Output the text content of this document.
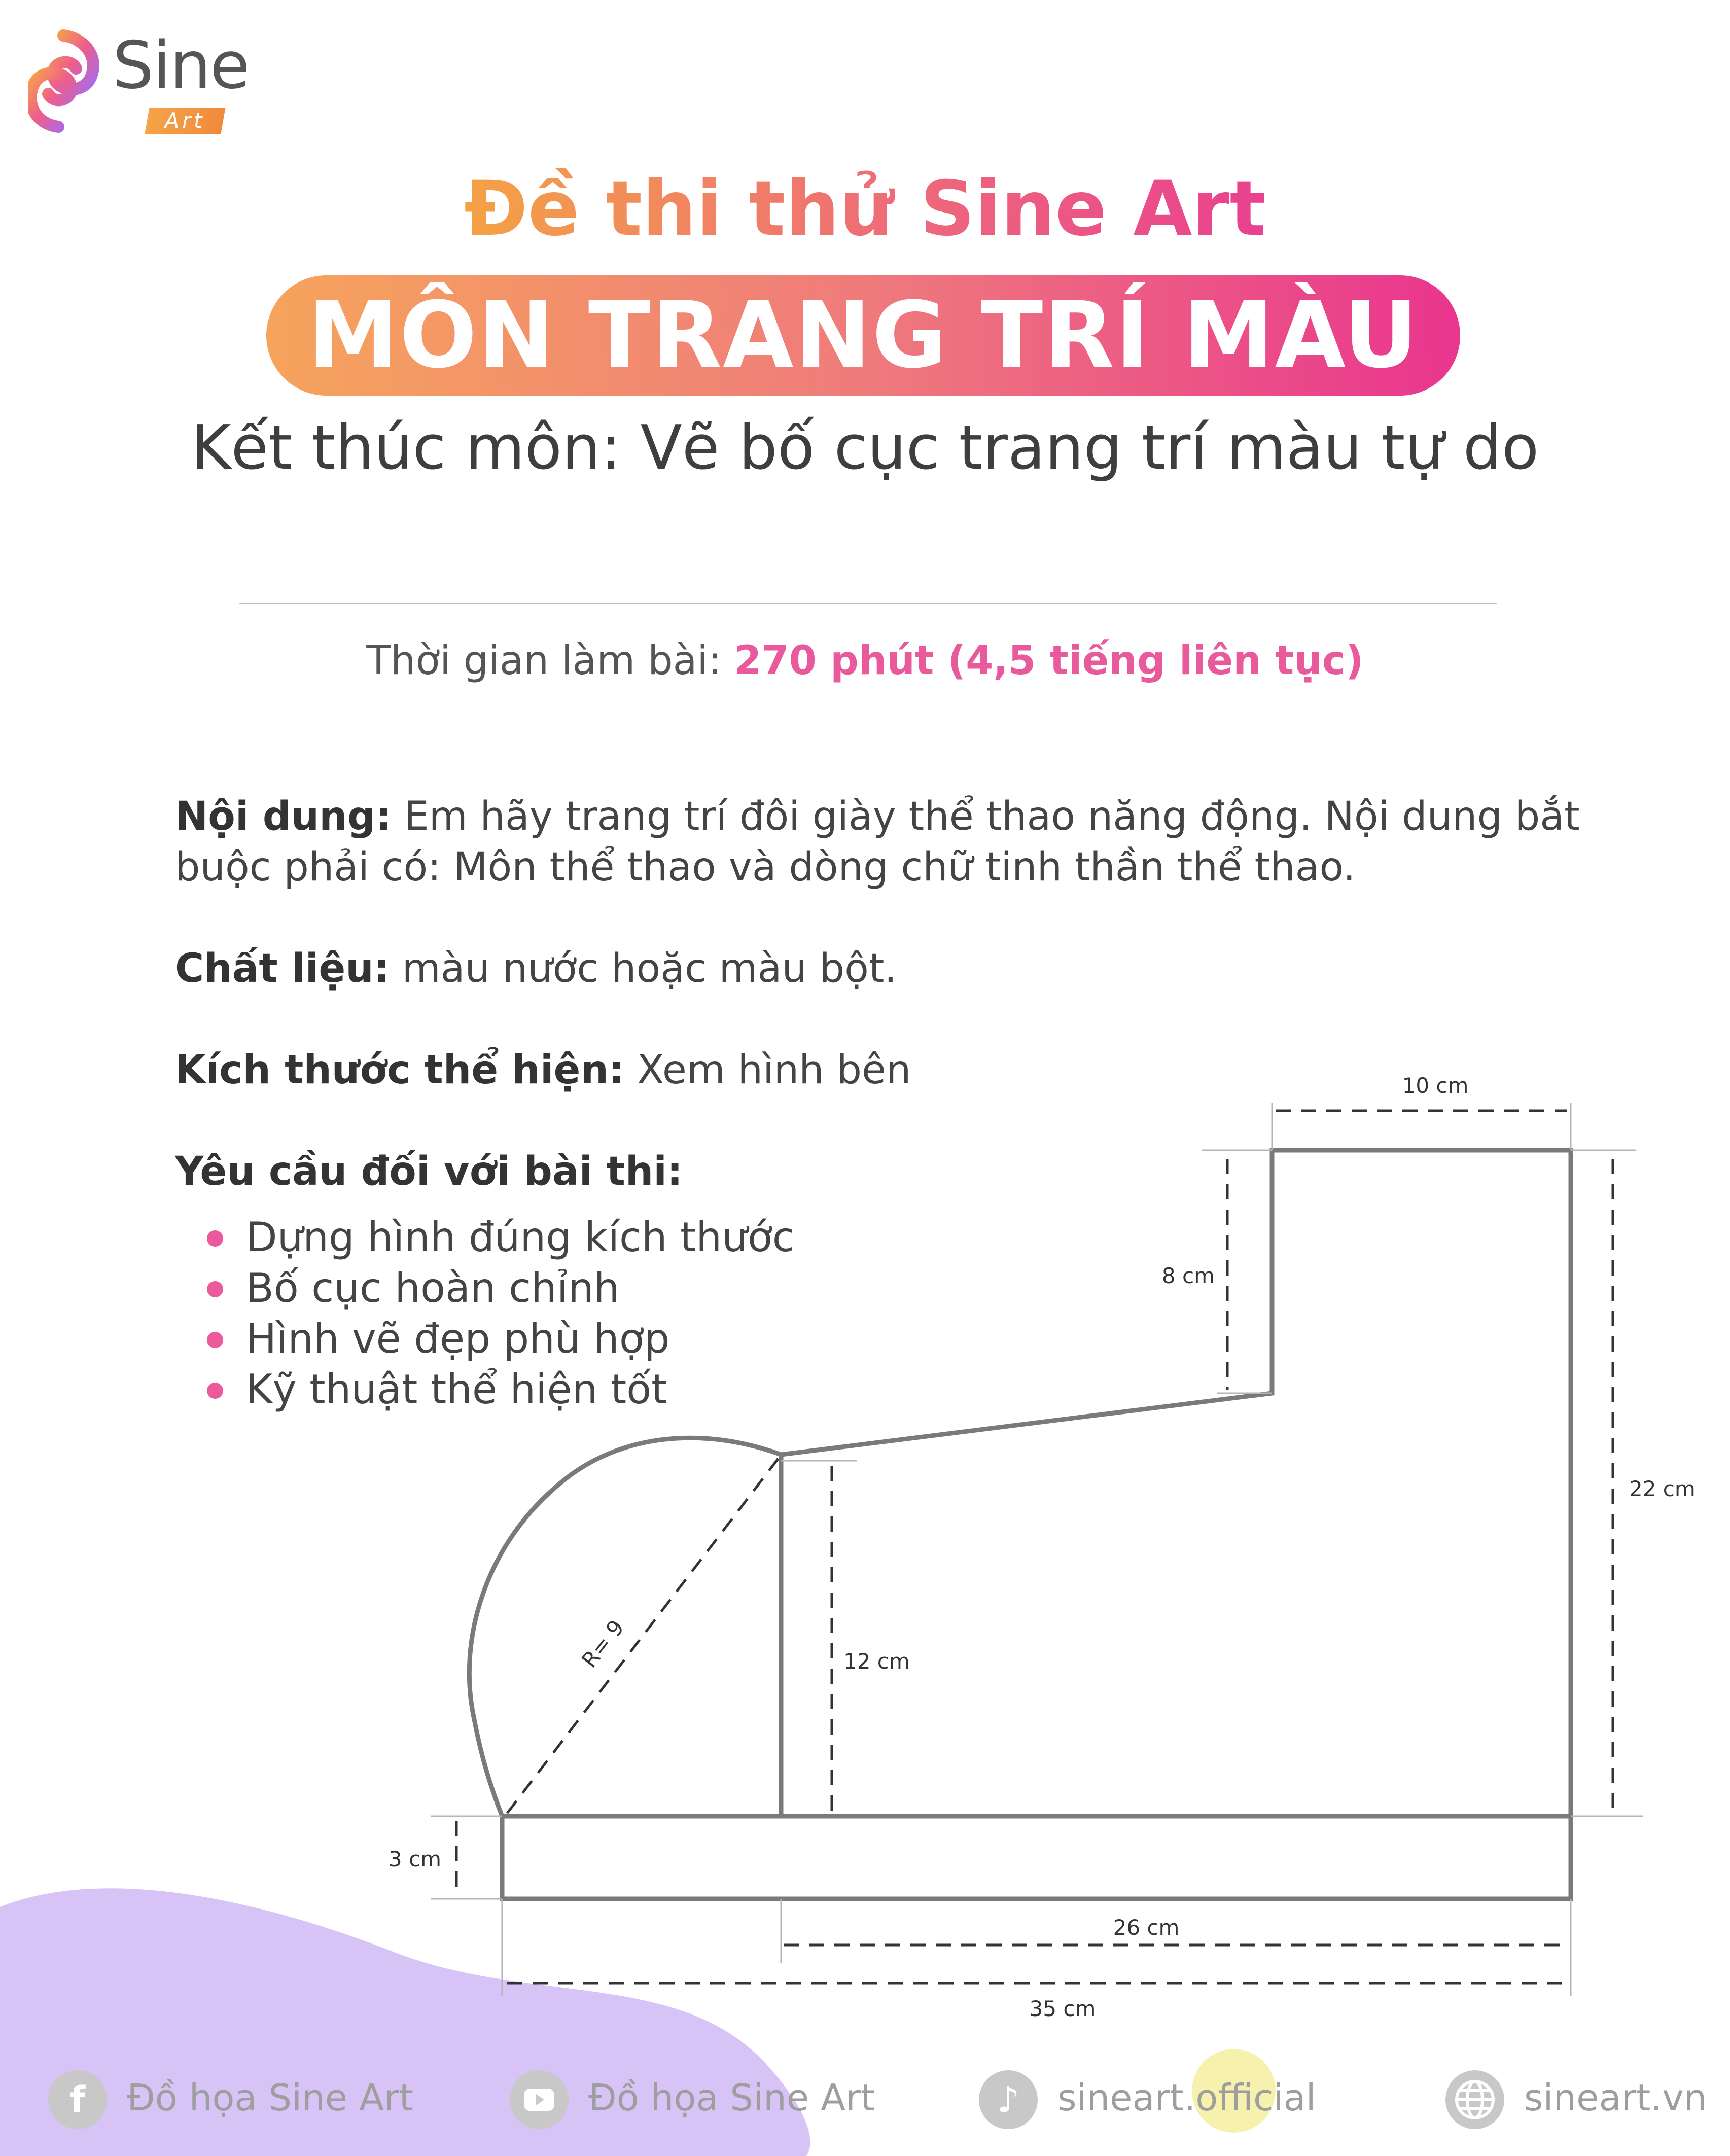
Sine
Art
Đề thi thử Sine Art
MÔN TRANG TRÍ MÀU
Kết thúc môn: Vẽ bố cục trang trí màu tự do
Thời gian làm bài: 270 phút (4,5 tiếng liên tục)
Nội dung: Em hãy trang trí đôi giày thể thao năng động. Nội dung bắt buộc phải có: Môn thể thao và dòng chữ tinh thần thể thao.
Chất liệu: màu nước hoặc màu bột.
Kích thước thể hiện: Xem hình bên
Yêu cầu đối với bài thi:
Dựng hình đúng kích thước
Bố cục hoàn chỉnh
Hình vẽ đẹp phù hợp
Kỹ thuật thể hiện tốt
10 cm
8 cm
22 cm
R= 9	12 cm
3 cm
26 cm
35 cm
f	Đồ họa Sine Art	Đồ họa Sine Art	♪	sineart.official	sineart.vn
